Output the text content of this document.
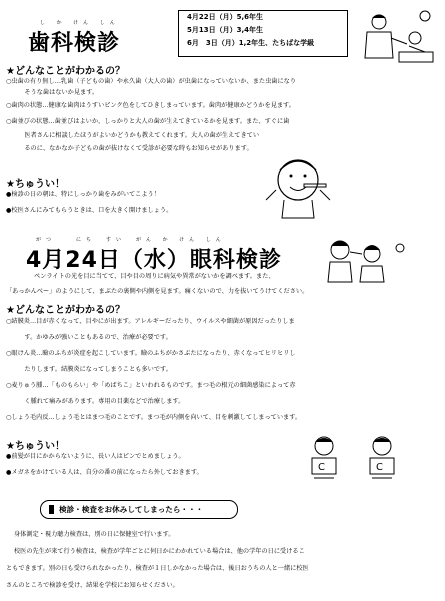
し か けん しん
歯科検診
4月22日（月）5,6年生
5月13日（月）3,4年生
6月　3日（月）1,2年生、たちばな学級
★どんなことがわかるの？
○虫歯の有り無し…乳歯（子どもの歯）や永久歯（大人の歯）が虫歯になっていないか、また虫歯になり
　　そうな歯はないか見ます。
○歯肉の状態…健康な歯肉はうすいピンク色をしてひきしまっています。歯肉が健康かどうかを見ます。
○歯並びの状態…歯並びはよいか、しっかりと大人の歯が生えてきているかを見ます。また、すぐに歯
　　医者さんに相談したほうがよいかどうかも教えてくれます。大人の歯が生えてきてい
　　るのに、なかなか子どもの歯が抜けなくて受診が必要な時もお知らせがあります。
★ちゅうい！
●検診の日の朝は、特にしっかり歯をみがいてこよう！
●校医さんにみてもらうときは、口を大きく開けましょう。
がつ　　にち　すい　がん か けん しん
4月24日（水）眼科検診
ペンライトの光を目に当てて、目や目の周りに病気や異常がないかを調べます。また、
「あっかんべー」のようにして、まぶたの裏側や内側を見ます。痛くないので、力を抜いてうけてください。
★どんなことがわかるの？
○結膜炎…目が赤くなって、目やにが出ます。アレルギーだったり、ウイルスや細菌が原因だったりしま
　　す。かゆみが強いこともあるので、治療が必要です。
○眼けん炎…瞼のふちが炎症を起こしています。瞼のふちがかさぶたになったり、赤くなってヒリヒリし
　　たりします。結膜炎になってしまうことも多いです。
○麦りゅう腫…「ものもらい」や「めばちこ」といわれるものです。まつ毛の根元の細菌感染によって赤
　　く腫れて痛みがあります。専用の目薬などで治療します。
○しょう毛内反…しょう毛とはまつ毛のことです。まつ毛が内側を向いて、目を刺激してしまっています。
★ちゅうい！
●前髪が目にかからないように、長い人はピンでとめましょう。
●メガネをかけている人は、自分の番の前になったら外しておきます。	C	C
検診・検査をお休みしてしまったら・・・
身体測定・視力聴力検査は、別の日に保健室で行います。
校医の先生が来て行う検査は、検査が学年ごとに何日かにわかれている場合は、他の学年の日に受けるこ
ともできます。別の日も受けられなかったり、検査が１日しかなかった場合は、後日おうちの人と一緒に校医
さんのところで検診を受け、結果を学校にお知らせください。
